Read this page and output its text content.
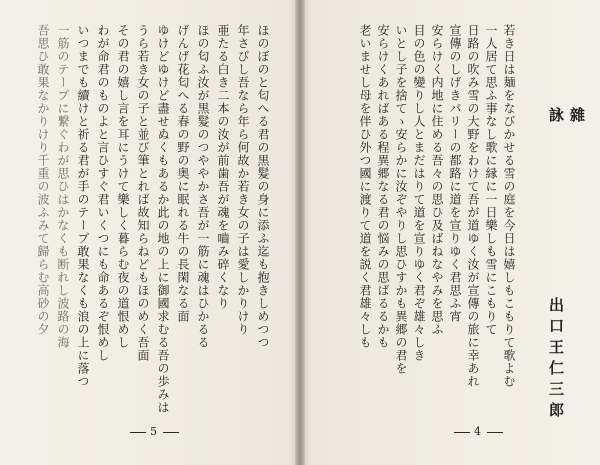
5
ほのぼのと匂へる君の黒髮の身に添ふ迄も抱きしめつつ
年さびし吾なら年ら何故か若き女の子は愛しかりけり
亜たる白き二本の汝が前歯吾が魂を嚙み碎くなり
ほの匂ふ汝が黒髮のつややかさ吾が一筋に魂はひかるる
げんげ花匂へる春の野の奥に眠れる牛の長閑なる面
ゆけどゆけど盡せぬくもあるか此の地の上に御國求むる吾の歩みは
うら若き女の子と並び筆とれば故知らねどもほのめく吾面
その君の嬉し言を耳にうけて樂しく暮らむ夜の道恨めし
わが命君のものよと言ひすぐ君いくつにも命あるぞ恨めし
いつまでも續けと祈る君が手のテープ敢果なくも浪の上に落つ
一筋のテープに繋ぐわが思ひはかなくも断れし波路の海
吾思ひ敢果なかりけり千重の波ふみて歸らむ高砂の夕	雜　詠
出口王仁三郎
4
若き日は麺をなびかせる雪の庭を今日は嬉しもこもりて歌よむ
一人居て思ふ事なし歌に縁に一日樂しも雪にこもりて
日路の吹み雪の大野をわけて吾が道ゆく汝が宣傳の旅に幸あれ
宣傳のしげきパリーの都路に道を宣りゆく君思ふ宵
安らけく内地に住める吾々の思ひ及ばねなやみを思ふ
目の色の變りし人とまだはりて道を宣りゆく君ぞ雄々しき
いとし子を捨てゝ安らかに汝ぞやりし思ひすかも異郷の君を
安らけくあればある程異郷なる君の悩みの思ばるるかも
老いませし母を伴ひ外つ國に渡りて道を説く君雄々しも
